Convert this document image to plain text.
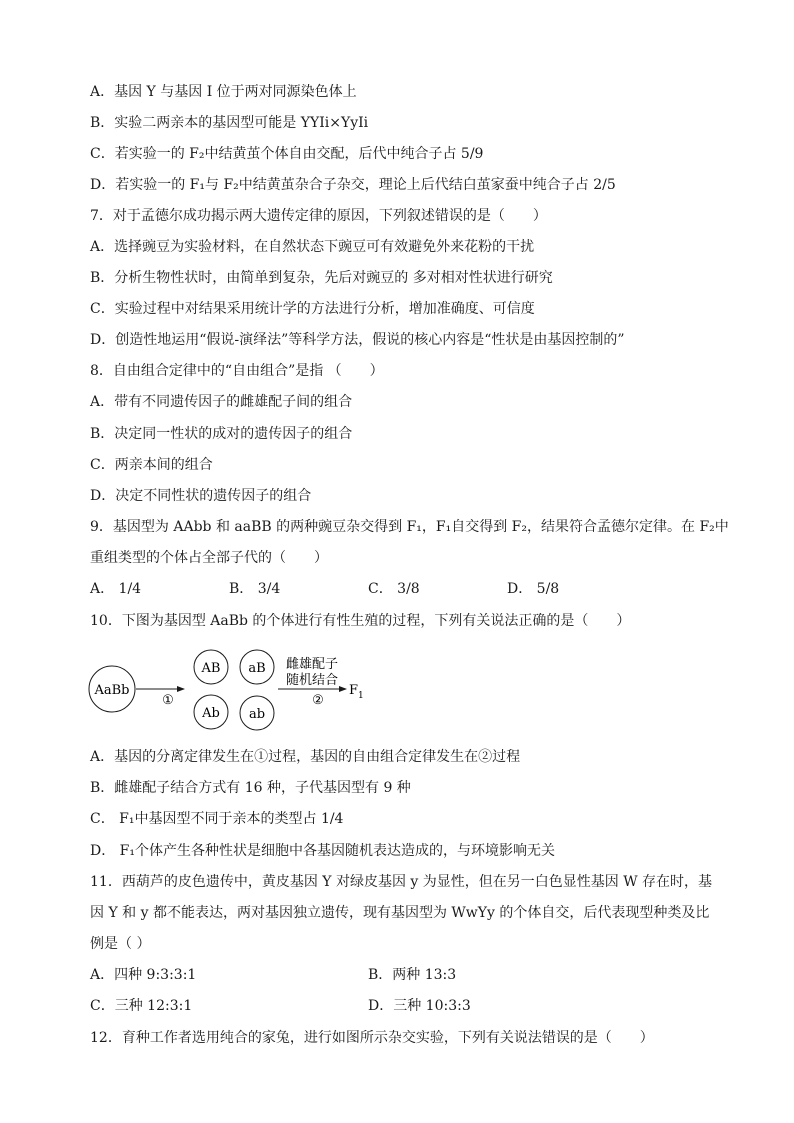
A．基因 Y 与基因 I 位于两对同源染色体上
B．实验二两亲本的基因型可能是 YYIi×YyIi
C．若实验一的 F₂中结黄茧个体自由交配，后代中纯合子占 5/9
D．若实验一的 F₁与 F₂中结黄茧杂合子杂交，理论上后代结白茧家蚕中纯合子占 2/5
7．对于孟德尔成功揭示两大遗传定律的原因，下列叙述错误的是（　　）
A．选择豌豆为实验材料，在自然状态下豌豆可有效避免外来花粉的干扰
B．分析生物性状时，由简单到复杂，先后对豌豆的 多对相对性状进行研究
C．实验过程中对结果采用统计学的方法进行分析，增加准确度、可信度
D．创造性地运用“假说-演绎法”等科学方法，假说的核心内容是“性状是由基因控制的”
8．自由组合定律中的“自由组合”是指 （　　）
A．带有不同遗传因子的雌雄配子间的组合
B．决定同一性状的成对的遗传因子的组合
C．两亲本间的组合
D．决定不同性状的遗传因子的组合
9．基因型为 AAbb 和 aaBB 的两种豌豆杂交得到 F₁，F₁自交得到 F₂，结果符合孟德尔定律。在 F₂中
重组类型的个体占全部子代的（　　）
A． 1/4	B． 3/4	C． 3/8	D． 5/8
10．下图为基因型 AaBb 的个体进行有性生殖的过程，下列有关说法正确的是（　　）
AaBb
①
AB aB
Ab ab
雌雄配子
随机结合
②
F 1
A．基因的分离定律发生在①过程，基因的自由组合定律发生在②过程
B．雌雄配子结合方式有 16 种，子代基因型有 9 种
C． F₁中基因型不同于亲本的类型占 1/4
D． F₁个体产生各种性状是细胞中各基因随机表达造成的，与环境影响无关
11．西葫芦的皮色遗传中，黄皮基因 Y 对绿皮基因 y 为显性，但在另一白色显性基因 W 存在时，基
因 Y 和 y 都不能表达，两对基因独立遗传，现有基因型为 WwYy 的个体自交，后代表现型种类及比
例是（ ）
A．四种 9:3:3:1	B．两种 13:3
C．三种 12:3:1	D．三种 10:3:3
12．育种工作者选用纯合的家兔，进行如图所示杂交实验，下列有关说法错误的是（　　）
